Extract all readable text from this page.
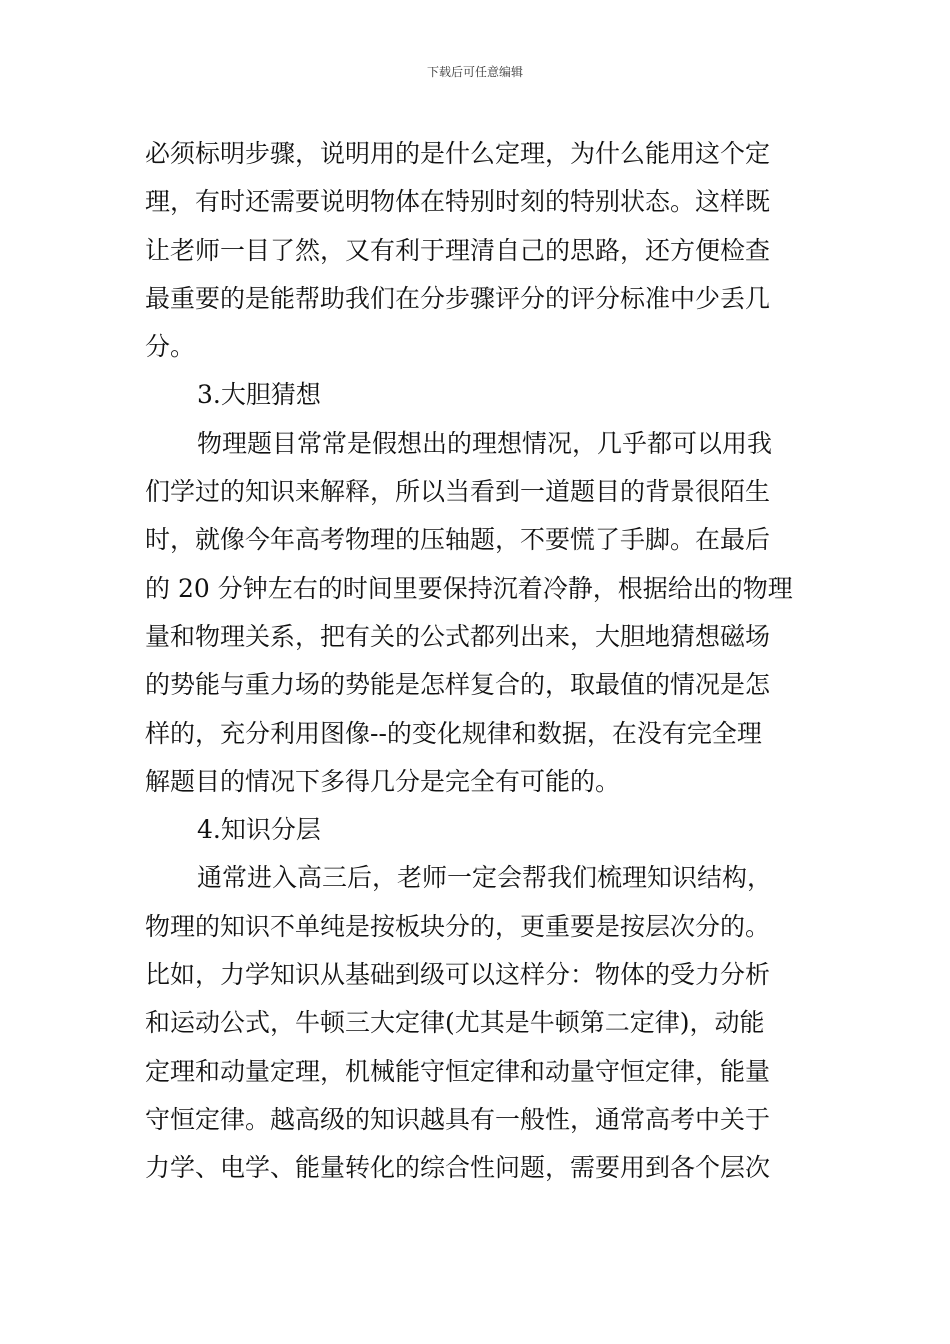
下载后可任意编辑
必须标明步骤，说明用的是什么定理，为什么能用这个定
理，有时还需要说明物体在特别时刻的特别状态。这样既
让老师一目了然，又有利于理清自己的思路，还方便检查
最重要的是能帮助我们在分步骤评分的评分标准中少丢几
分。
3.大胆猜想
物理题目常常是假想出的理想情况，几乎都可以用我
们学过的知识来解释，所以当看到一道题目的背景很陌生
时，就像今年高考物理的压轴题，不要慌了手脚。在最后
的 20 分钟左右的时间里要保持沉着冷静，根据给出的物理
量和物理关系，把有关的公式都列出来，大胆地猜想磁场
的势能与重力场的势能是怎样复合的，取最值的情况是怎
样的，充分利用图像--的变化规律和数据，在没有完全理
解题目的情况下多得几分是完全有可能的。
4.知识分层
通常进入高三后，老师一定会帮我们梳理知识结构，
物理的知识不单纯是按板块分的，更重要是按层次分的。
比如，力学知识从基础到级可以这样分：物体的受力分析
和运动公式，牛顿三大定律(尤其是牛顿第二定律)，动能
定理和动量定理，机械能守恒定律和动量守恒定律，能量
守恒定律。越高级的知识越具有一般性，通常高考中关于
力学、电学、能量转化的综合性问题，需要用到各个层次
